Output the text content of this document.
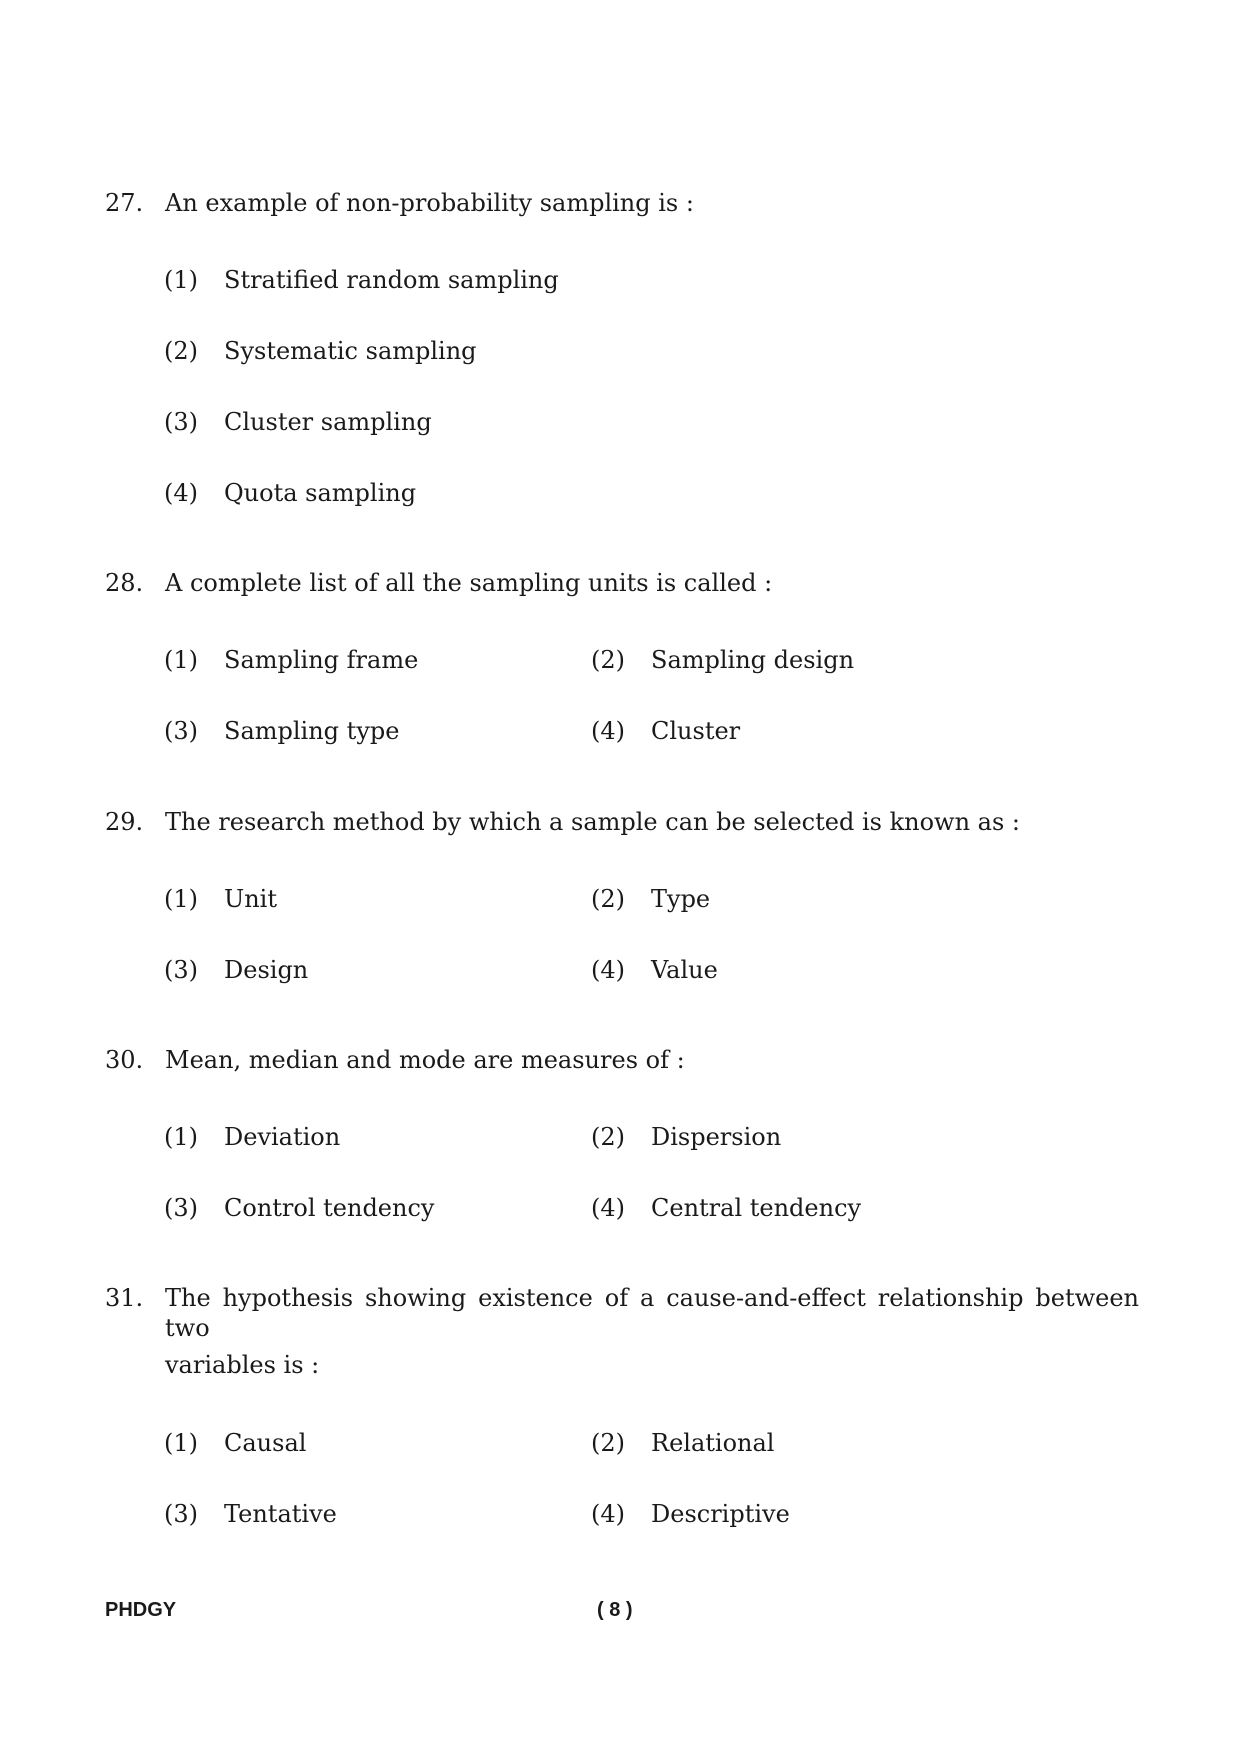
27. An example of non-probability sampling is :
(1) Stratified random sampling
(2) Systematic sampling
(3) Cluster sampling
(4) Quota sampling
28. A complete list of all the sampling units is called :
(1) Sampling frame	(2) Sampling design
(3) Sampling type	(4) Cluster
29. The research method by which a sample can be selected is known as :
(1) Unit	(2) Type
(3) Design	(4) Value
30. Mean, median and mode are measures of :
(1) Deviation	(2) Dispersion
(3) Control tendency	(4) Central tendency
31. The hypothesis showing existence of a cause-and-effect relationship between two
variables is :
(1) Causal	(2) Relational
(3) Tentative	(4) Descriptive
PHDGY	( 8 )
